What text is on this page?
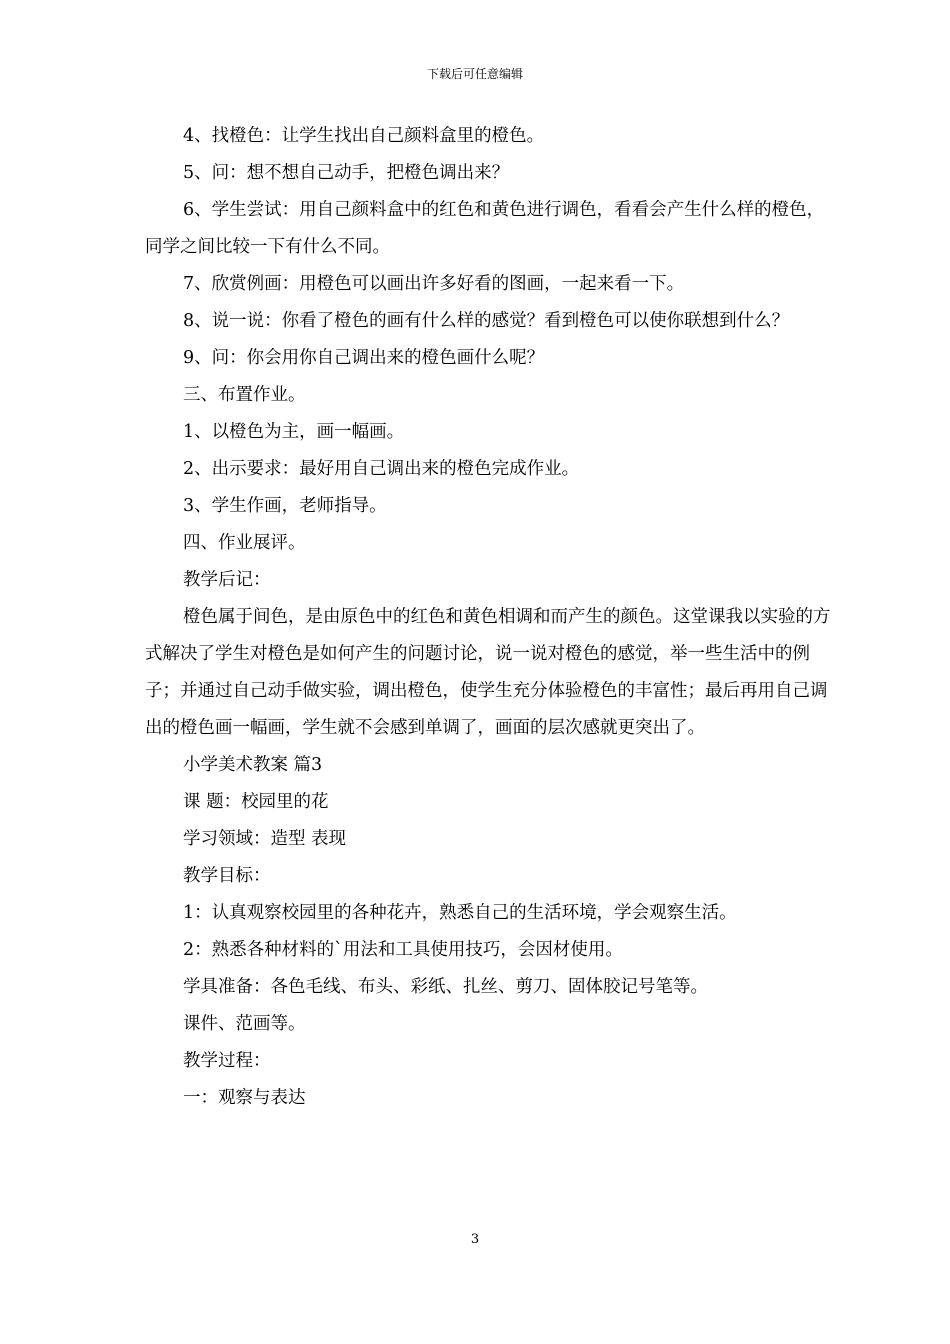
下载后可任意编辑

4、找橙色：让学生找出自己颜料盒里的橙色。

5、问：想不想自己动手，把橙色调出来？

6、学生尝试：用自己颜料盒中的红色和黄色进行调色，看看会产生什么样的橙色，同学之间比较一下有什么不同。

7、欣赏例画：用橙色可以画出许多好看的图画，一起来看一下。

8、说一说：你看了橙色的画有什么样的感觉？看到橙色可以使你联想到什么？

9、问：你会用你自己调出来的橙色画什么呢？

三、布置作业。

1、以橙色为主，画一幅画。

2、出示要求：最好用自己调出来的橙色完成作业。

3、学生作画，老师指导。

四、作业展评。

教学后记：

橙色属于间色，是由原色中的红色和黄色相调和而产生的颜色。这堂课我以实验的方式解决了学生对橙色是如何产生的问题讨论，说一说对橙色的感觉，举一些生活中的例子；并通过自己动手做实验，调出橙色，使学生充分体验橙色的丰富性；最后再用自己调出的橙色画一幅画，学生就不会感到单调了，画面的层次感就更突出了。

小学美术教案 篇3

课 题：校园里的花

学习领域：造型 表现

教学目标：

1：认真观察校园里的各种花卉，熟悉自己的生活环境，学会观察生活。

2：熟悉各种材料的`用法和工具使用技巧，会因材使用。

学具准备：各色毛线、布头、彩纸、扎丝、剪刀、固体胶记号笔等。

课件、范画等。

教学过程：

一：观察与表达

3
